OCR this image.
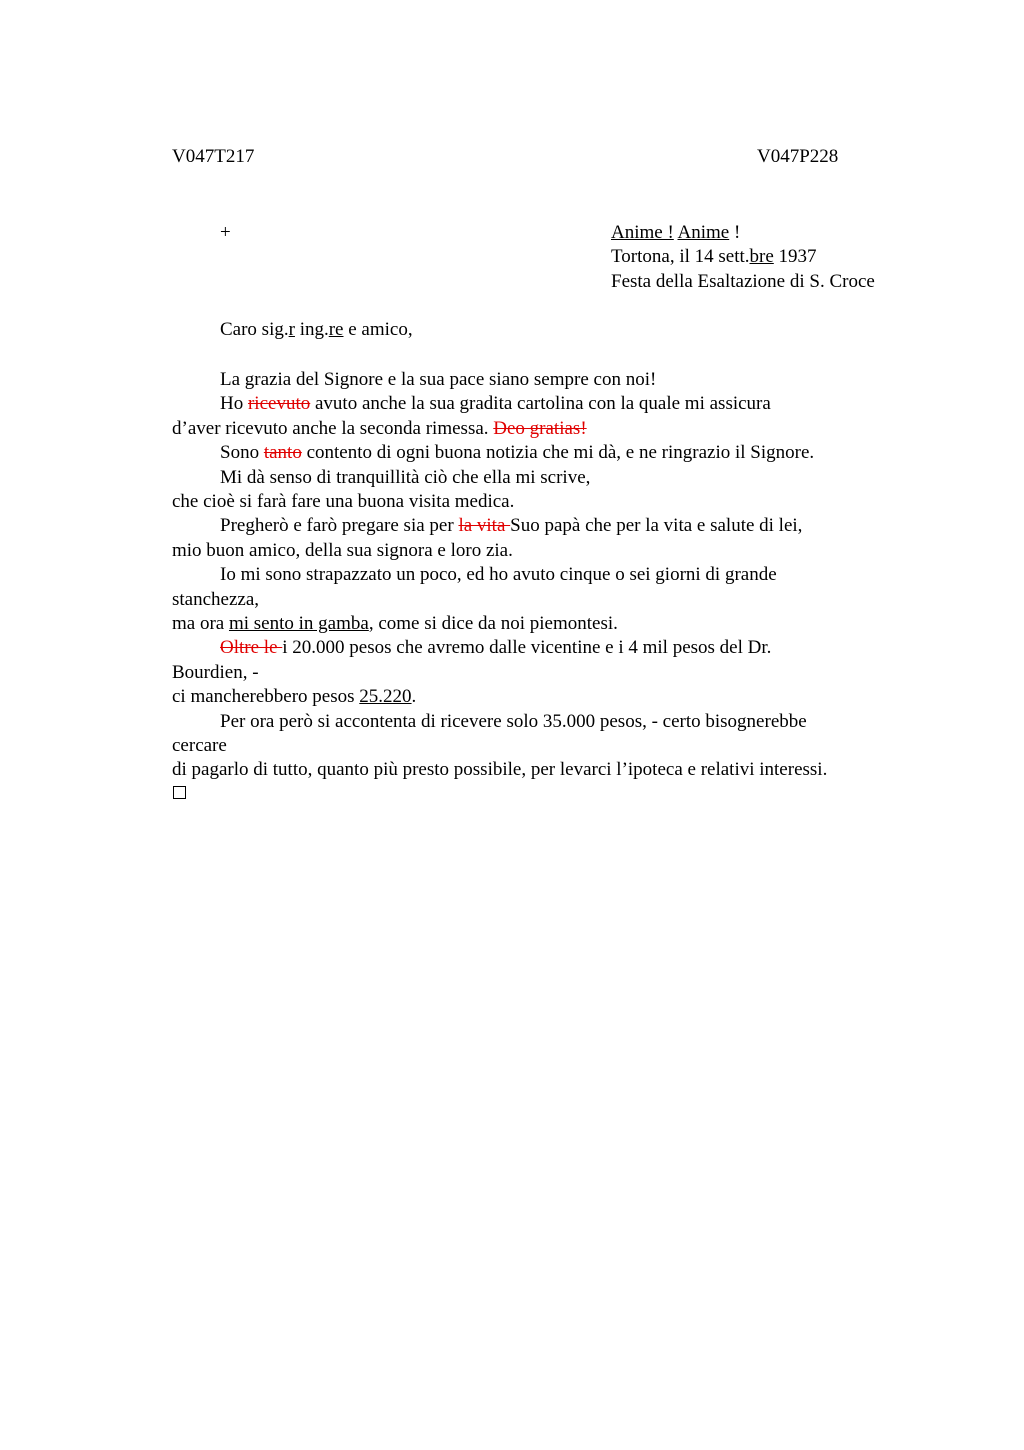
V047T217	V047P228
+	Anime ! Anime !
Tortona, il 14 sett.bre 1937
Festa della Esaltazione di S. Croce
Caro sig.r ing.re e amico,
La grazia del Signore e la sua pace siano sempre con noi!
Ho ricevuto avuto anche la sua gradita cartolina con la quale mi assicura
d’aver ricevuto anche la seconda rimessa. Deo gratias!
Sono tanto contento di ogni buona notizia che mi dà, e ne ringrazio il Signore.
Mi dà senso di tranquillità ciò che ella mi scrive,
che cioè si farà fare una buona visita medica.
Pregherò e farò pregare sia per la vita Suo papà che per la vita e salute di lei,
mio buon amico, della sua signora e loro zia.
Io mi sono strapazzato un poco, ed ho avuto cinque o sei giorni di grande
stanchezza,
ma ora mi sento in gamba, come si dice da noi piemontesi.
Oltre le i 20.000 pesos che avremo dalle vicentine e i 4 mil pesos del Dr.
Bourdien, -
ci mancherebbero pesos 25.220.
Per ora però si accontenta di ricevere solo 35.000 pesos, - certo bisognerebbe
cercare
di pagarlo di tutto, quanto più presto possibile, per levarci l’ipoteca e relativi interessi.
